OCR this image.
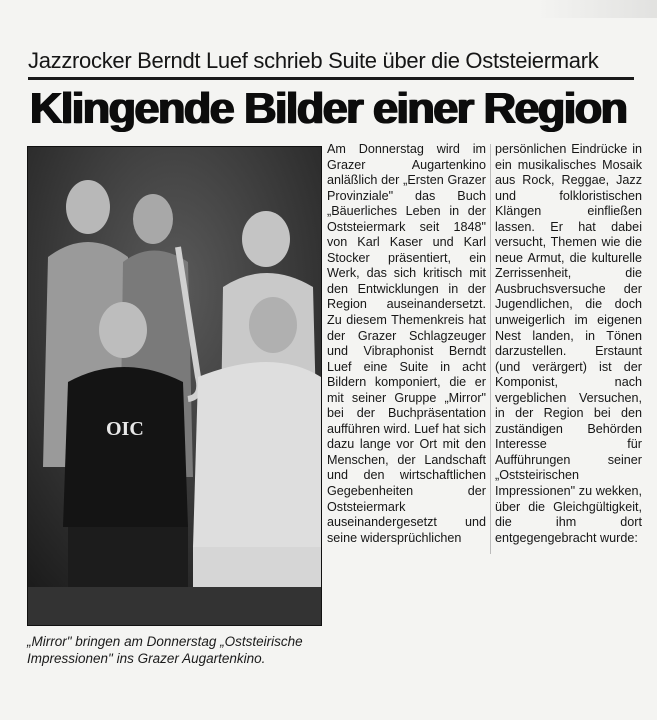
Jazzrocker Berndt Luef schrieb Suite über die Oststeiermark
Klingende Bilder einer Region
OIC
„Mirror" bringen am Donnerstag „Oststeirische Impressionen" ins Grazer Augartenkino.

Am Donnerstag wird im Grazer Augartenkino anläßlich der „Ersten Grazer Provinziale" das Buch „Bäuerliches Leben in der Oststeiermark seit 1848" von Karl Kaser und Karl Stocker präsentiert, ein Werk, das sich kritisch mit den Entwicklungen in der Region auseinandersetzt. Zu diesem Themenkreis hat der Grazer Schlagzeuger und Vibraphonist Berndt Luef eine Suite in acht Bildern komponiert, die er mit seiner Gruppe „Mirror" bei der Buchpräsentation aufführen wird. Luef hat sich dazu lange vor Ort mit den Menschen, der Landschaft und den wirtschaftlichen Gegebenheiten der Oststeiermark auseinandergesetzt und seine widersprüchlichen

persönlichen Eindrücke in ein musikalisches Mosaik aus Rock, Reggae, Jazz und folkloristischen Klängen einfließen lassen. Er hat dabei versucht, Themen wie die neue Armut, die kulturelle Zerrissenheit, die Ausbruchsversuche der Jugendlichen, die doch unweigerlich im eigenen Nest landen, in Tönen darzustellen. Erstaunt (und verärgert) ist der Komponist, nach vergeblichen Versuchen, in der Region bei den zuständigen Behörden Interesse für Aufführungen seiner „Oststeirischen Impressionen" zu wekken, über die Gleichgültigkeit, die ihm dort entgegengebracht wurde:
